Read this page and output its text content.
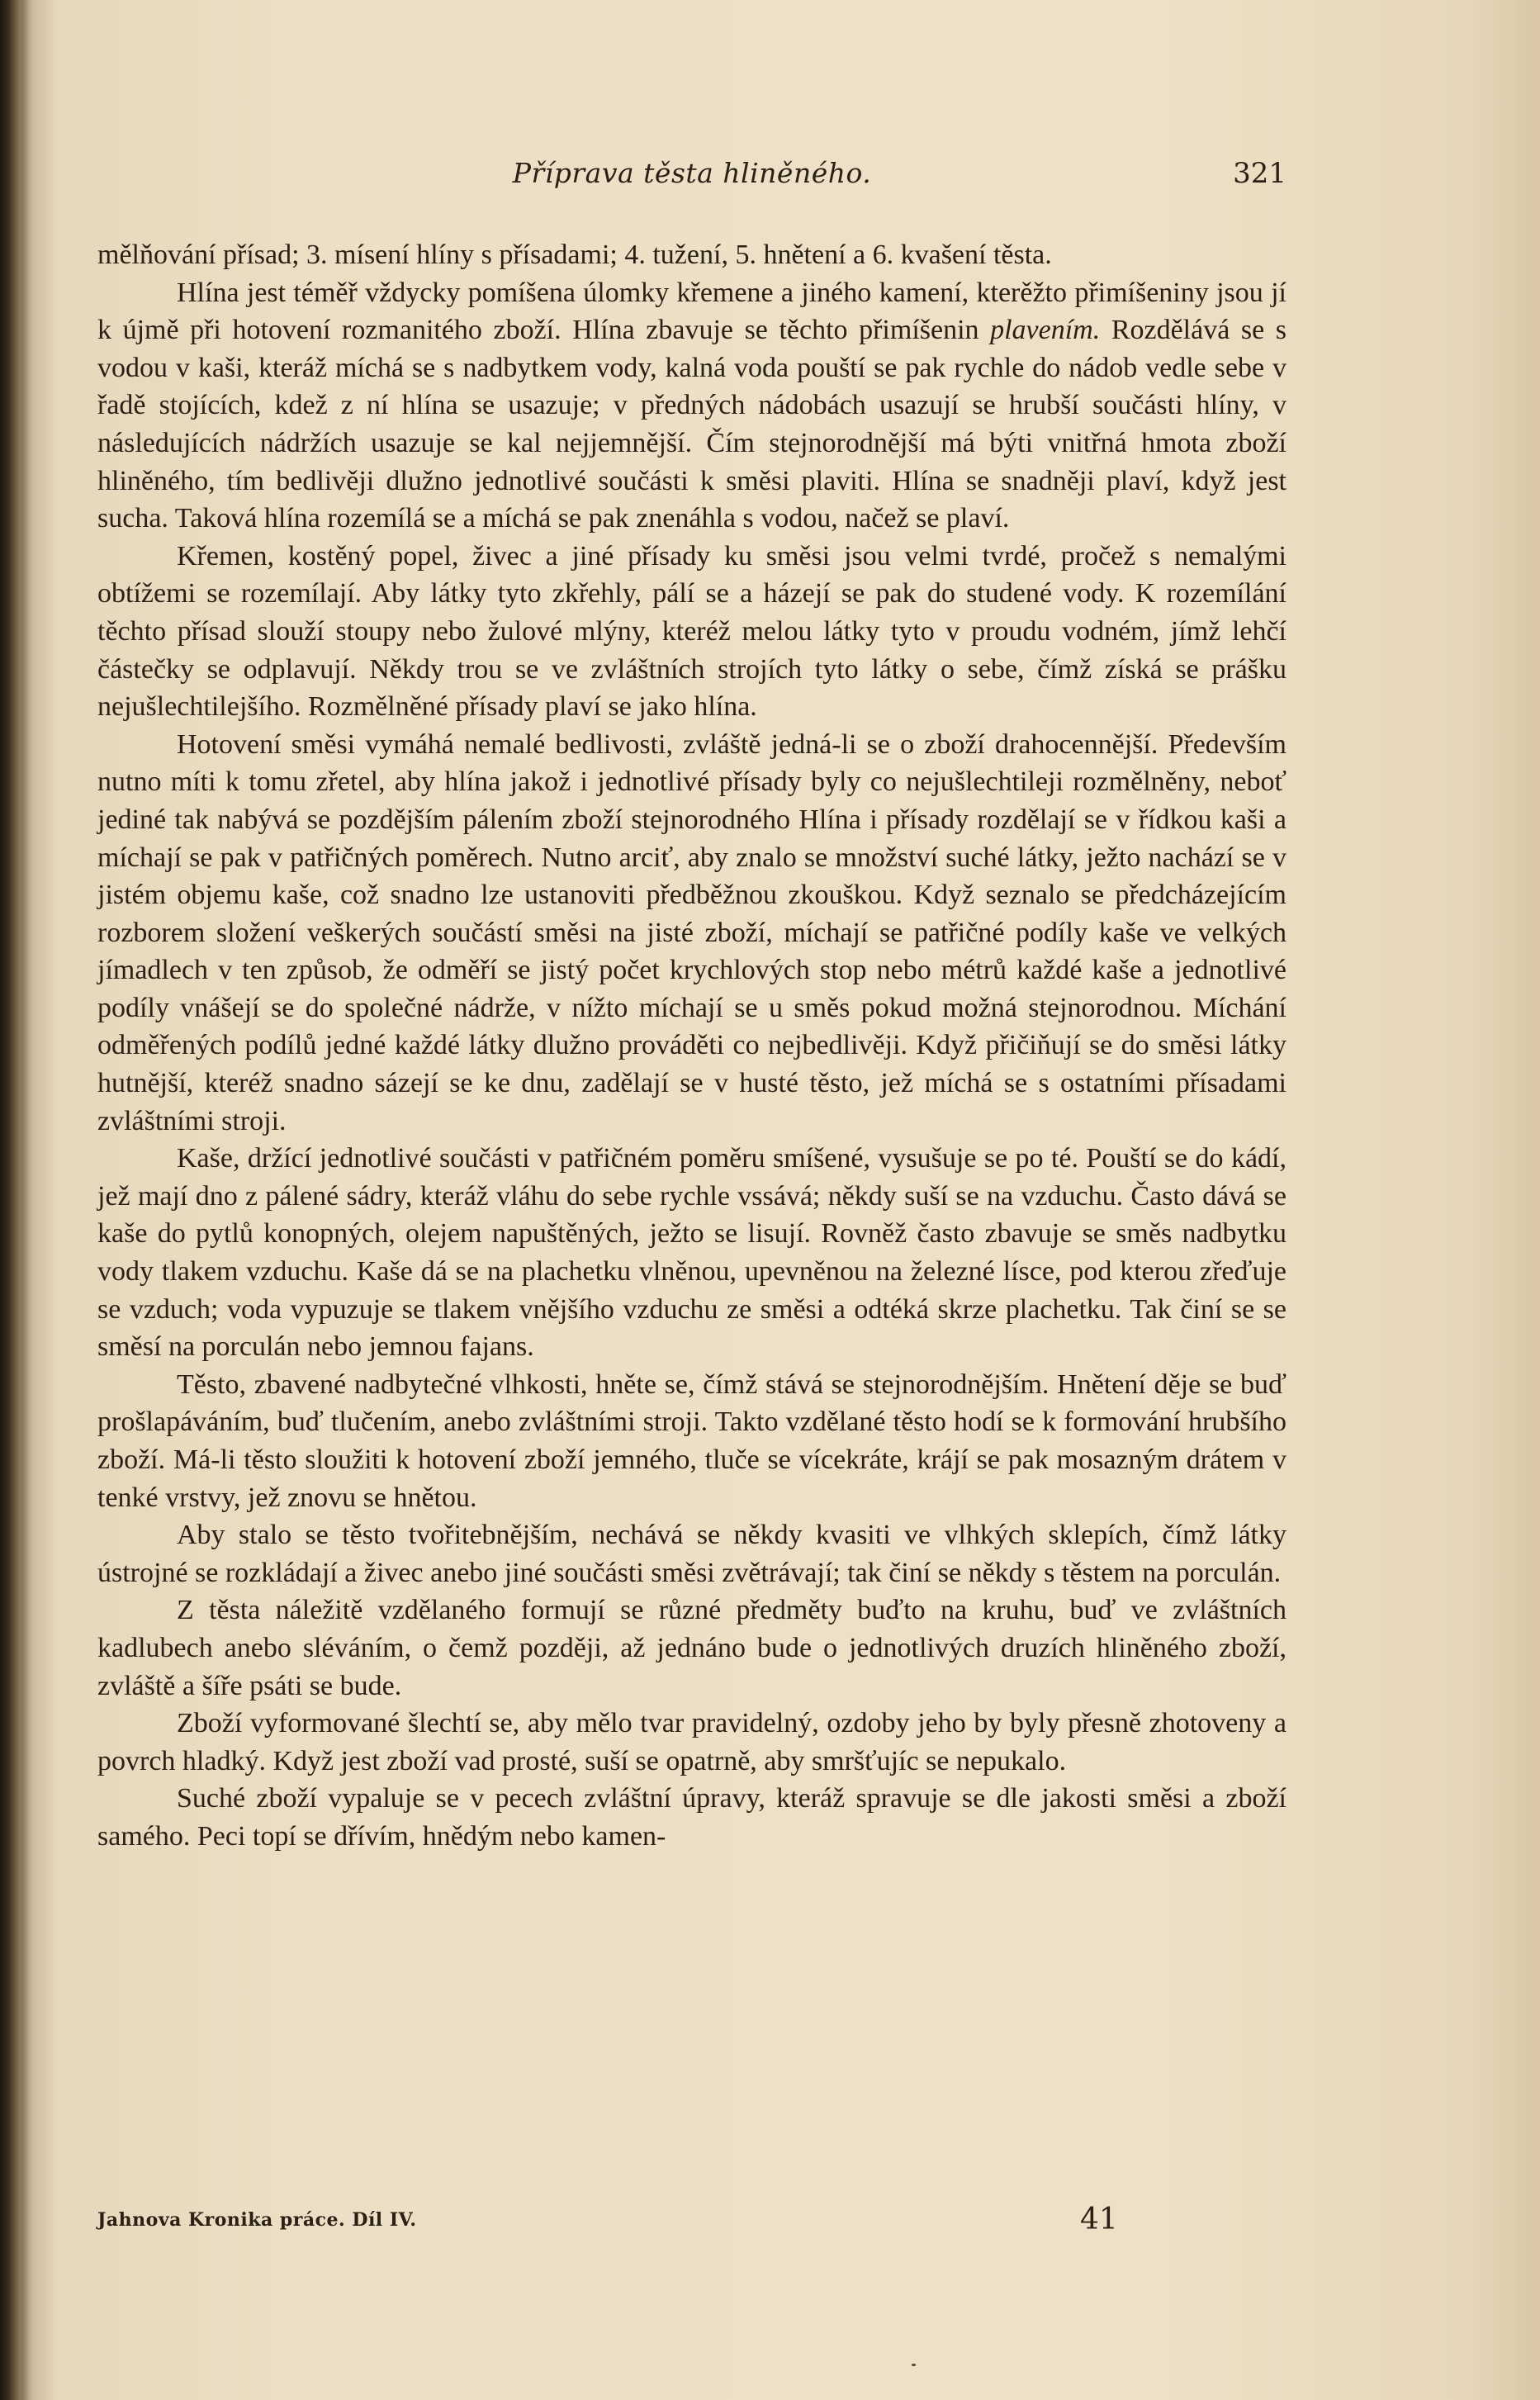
Příprava těsta hliněného.	321

mělňování přísad; 3. mísení hlíny s přísadami; 4. tužení, 5. hnětení a 6. kvašení těsta.

Hlína jest téměř vždycky pomíšena úlomky křemene a jiného kamení, kterěžto přimíšeniny jsou jí k újmě při hotovení rozmanitého zboží. Hlína zbavuje se těchto přimíšenin plavením. Rozdělává se s vodou v kaši, kteráž míchá se s nadbytkem vody, kalná voda pouští se pak rychle do nádob vedle sebe v řadě stojících, kdež z ní hlína se usazuje; v předných nádobách usazují se hrubší součásti hlíny, v následujících nádržích usazuje se kal nejjemnější. Čím stejnorodnější má býti vnitřná hmota zboží hliněného, tím bedlivěji dlužno jednotlivé součásti k směsi plaviti. Hlína se snadněji plaví, když jest sucha. Taková hlína rozemílá se a míchá se pak znenáhla s vodou, načež se plaví.

Křemen, kostěný popel, živec a jiné přísady ku směsi jsou velmi tvrdé, pročež s nemalými obtížemi se rozemílají. Aby látky tyto zkřehly, pálí se a házejí se pak do studené vody. K rozemílání těchto přísad slouží stoupy nebo žulové mlýny, kteréž melou látky tyto v proudu vodném, jímž lehčí částečky se odplavují. Někdy trou se ve zvláštních strojích tyto látky o sebe, čímž získá se prášku nejušlechtilejšího. Rozmělněné přísady plaví se jako hlína.

Hotovení směsi vymáhá nemalé bedlivosti, zvláště jedná-li se o zboží drahocennější. Především nutno míti k tomu zřetel, aby hlína jakož i jednotlivé přísady byly co nejušlechtileji rozmělněny, neboť jediné tak nabývá se pozdějším pálením zboží stejnorodného Hlína i přísady rozdělají se v řídkou kaši a míchají se pak v patřičných poměrech. Nutno arciť, aby znalo se množství suché látky, ježto nachází se v jistém objemu kaše, což snadno lze ustanoviti předběžnou zkouškou. Když seznalo se předcházejícím rozborem složení veškerých součástí směsi na jisté zboží, míchají se patřičné podíly kaše ve velkých jímadlech v ten způsob, že odměří se jistý počet krychlových stop nebo métrů každé kaše a jednotlivé podíly vnášejí se do společné nádrže, v nížto míchají se u směs pokud možná stejnorodnou. Míchání odměřených podílů jedné každé látky dlužno prováděti co nejbedlivěji. Když přičiňují se do směsi látky hutnější, kteréž snadno sázejí se ke dnu, zadělají se v husté těsto, jež míchá se s ostatními přísadami zvláštními stroji.

Kaše, držící jednotlivé součásti v patřičném poměru smíšené, vysušuje se po té. Pouští se do kádí, jež mají dno z pálené sádry, kteráž vláhu do sebe rychle vssává; někdy suší se na vzduchu. Často dává se kaše do pytlů konopných, olejem napuštěných, ježto se lisují. Rovněž často zbavuje se směs nadbytku vody tlakem vzduchu. Kaše dá se na plachetku vlněnou, upevněnou na železné lísce, pod kterou zřeďuje se vzduch; voda vypuzuje se tlakem vnějšího vzduchu ze směsi a odtéká skrze plachetku. Tak činí se se směsí na porculán nebo jemnou fajans.

Těsto, zbavené nadbytečné vlhkosti, hněte se, čímž stává se stejnorodnějším. Hnětení děje se buď prošlapáváním, buď tlučením, anebo zvláštními stroji. Takto vzdělané těsto hodí se k formování hrubšího zboží. Má-li těsto sloužiti k hotovení zboží jemného, tluče se vícekráte, krájí se pak mosazným drátem v tenké vrstvy, jež znovu se hnětou.

Aby stalo se těsto tvořitebnějším, nechává se někdy kvasiti ve vlhkých sklepích, čímž látky ústrojné se rozkládají a živec anebo jiné součásti směsi zvětrávají; tak činí se někdy s těstem na porculán.

Z těsta náležitě vzdělaného formují se různé předměty buďto na kruhu, buď ve zvláštních kadlubech anebo sléváním, o čemž později, až jednáno bude o jednotlivých druzích hliněného zboží, zvláště a šíře psáti se bude.

Zboží vyformované šlechtí se, aby mělo tvar pravidelný, ozdoby jeho by byly přesně zhotoveny a povrch hladký. Když jest zboží vad prosté, suší se opatrně, aby smršťujíc se nepukalo.

Suché zboží vypaluje se v pecech zvláštní úpravy, kteráž spravuje se dle jakosti směsi a zboží samého. Peci topí se dřívím, hnědým nebo kamen-

Jahnova Kronika práce. Díl IV.	41
